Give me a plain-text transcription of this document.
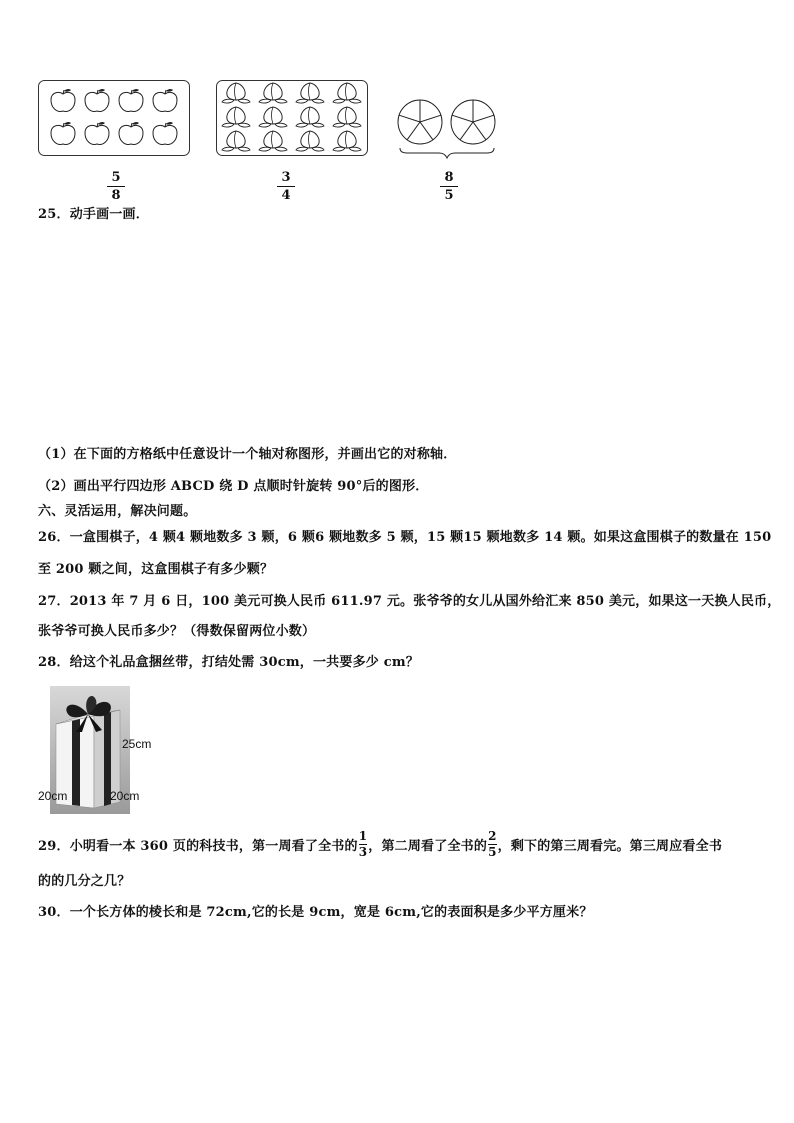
5
8
3
4
8
5
25．动手画一画．
（1）在下面的方格纸中任意设计一个轴对称图形，并画出它的对称轴．
（2）画出平行四边形 ABCD 绕 D 点顺时针旋转 90°后的图形．
六、灵活运用，解决问题。
26．一盒围棋子，4 颗4 颗地数多 3 颗，6 颗6 颗地数多 5 颗，15 颗15 颗地数多 14 颗。如果这盒围棋子的数量在 150
至 200 颗之间，这盒围棋子有多少颗？
27．2013 年 7 月 6 日，100 美元可换人民币 611.97 元。张爷爷的女儿从国外给汇来 850 美元，如果这一天换人民币，
张爷爷可换人民币多少？（得数保留两位小数）
28．给这个礼品盒捆丝带，打结处需 30cm，一共要多少 cm？
25cm
20cm	20cm
29．小明看一本 360 页的科技书，第一周看了全书的 $\frac{1}{3}$ ，第二周看了全书的 $\frac{2}{5}$ ，剩下的第三周看完。第三周应看全书
的的几分之几？
30．一个长方体的棱长和是 72cm,它的长是 9cm，宽是 6cm,它的表面积是多少平方厘米？
